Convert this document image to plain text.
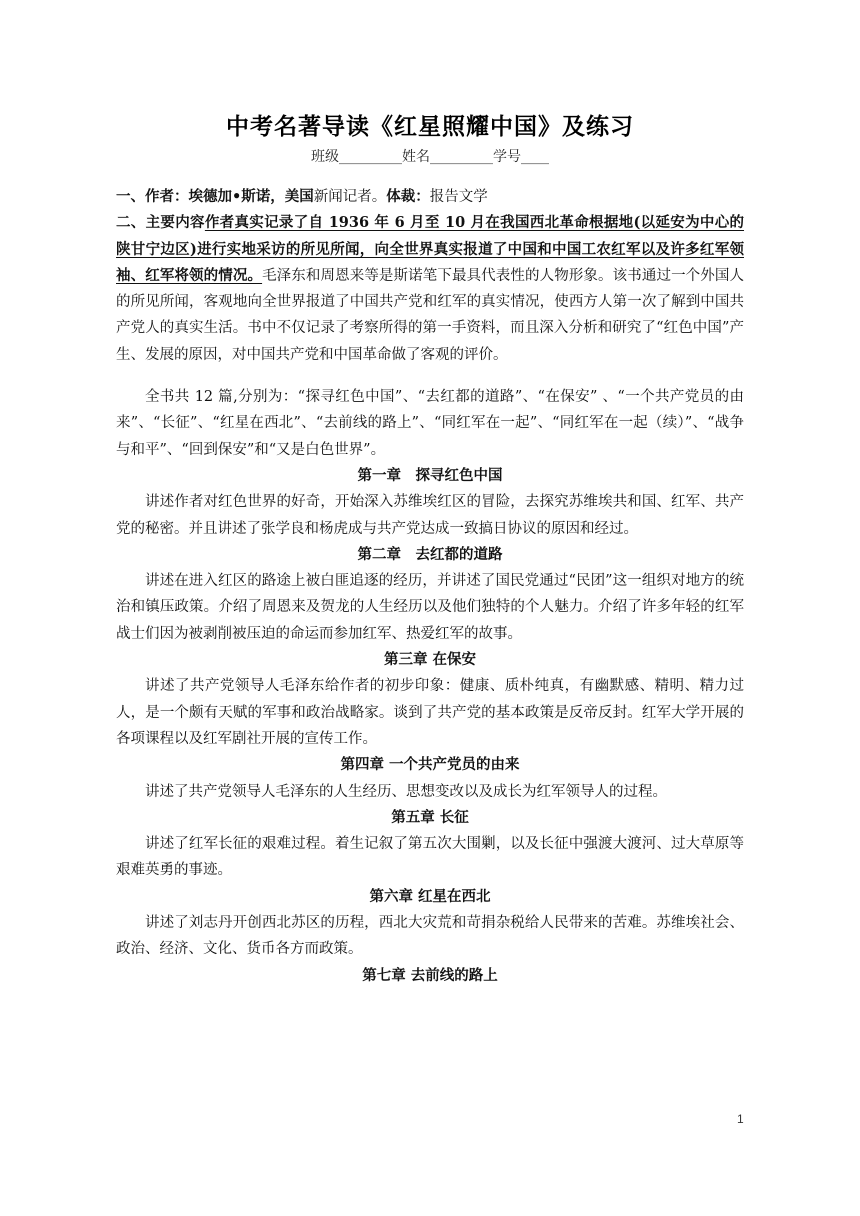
中考名著导读《红星照耀中国》及练习
班级_________姓名_________学号____

一、作者：埃德加•斯诺，美国新闻记者。体裁：报告文学

二、主要内容作者真实记录了自 1936 年 6 月至 10 月在我国西北革命根据地(以延安为中心的陕甘宁边区)进行实地采访的所见所闻，向全世界真实报道了中国和中国工农红军以及许多红军领袖、红军将领的情况。毛泽东和周恩来等是斯诺笔下最具代表性的人物形象。该书通过一个外国人的所见所闻，客观地向全世界报道了中国共产党和红军的真实情况，使西方人第一次了解到中国共产党人的真实生活。书中不仅记录了考察所得的第一手资料，而且深入分析和研究了“红色中国”产生、发展的原因，对中国共产党和中国革命做了客观的评价。

全书共 12 篇,分别为：“探寻红色中国”、“去红都的道路”、“在保安” 、“一个共产党员的由来”、“长征”、“红星在西北”、“去前线的路上”、“同红军在一起”、“同红军在一起（续）”、“战争与和平”、“回到保安”和“又是白色世界”。

第一章　探寻红色中国

讲述作者对红色世界的好奇，开始深入苏维埃红区的冒险，去探究苏维埃共和国、红军、共产党的秘密。并且讲述了张学良和杨虎成与共产党达成一致搞日协议的原因和经过。

第二章　去红都的道路

讲述在进入红区的路途上被白匪追逐的经历，并讲述了国民党通过“民团”这一组织对地方的统治和镇压政策。介绍了周恩来及贺龙的人生经历以及他们独特的个人魅力。介绍了许多年轻的红军战士们因为被剥削被压迫的命运而参加红军、热爱红军的故事。

第三章 在保安

讲述了共产党领导人毛泽东给作者的初步印象：健康、质朴纯真，有幽默感、精明、精力过人，是一个颇有天赋的军事和政治战略家。谈到了共产党的基本政策是反帝反封。红军大学开展的各项课程以及红军剧社开展的宣传工作。

第四章 一个共产党员的由来

讲述了共产党领导人毛泽东的人生经历、思想变改以及成长为红军领导人的过程。

第五章 长征

讲述了红军长征的艰难过程。着生记叙了第五次大围剿，以及长征中强渡大渡河、过大草原等艰难英勇的事迹。

第六章 红星在西北

讲述了刘志丹开创西北苏区的历程，西北大灾荒和苛捐杂税给人民带来的苦难。苏维埃社会、政治、经济、文化、货币各方而政策。

第七章 去前线的路上
1
